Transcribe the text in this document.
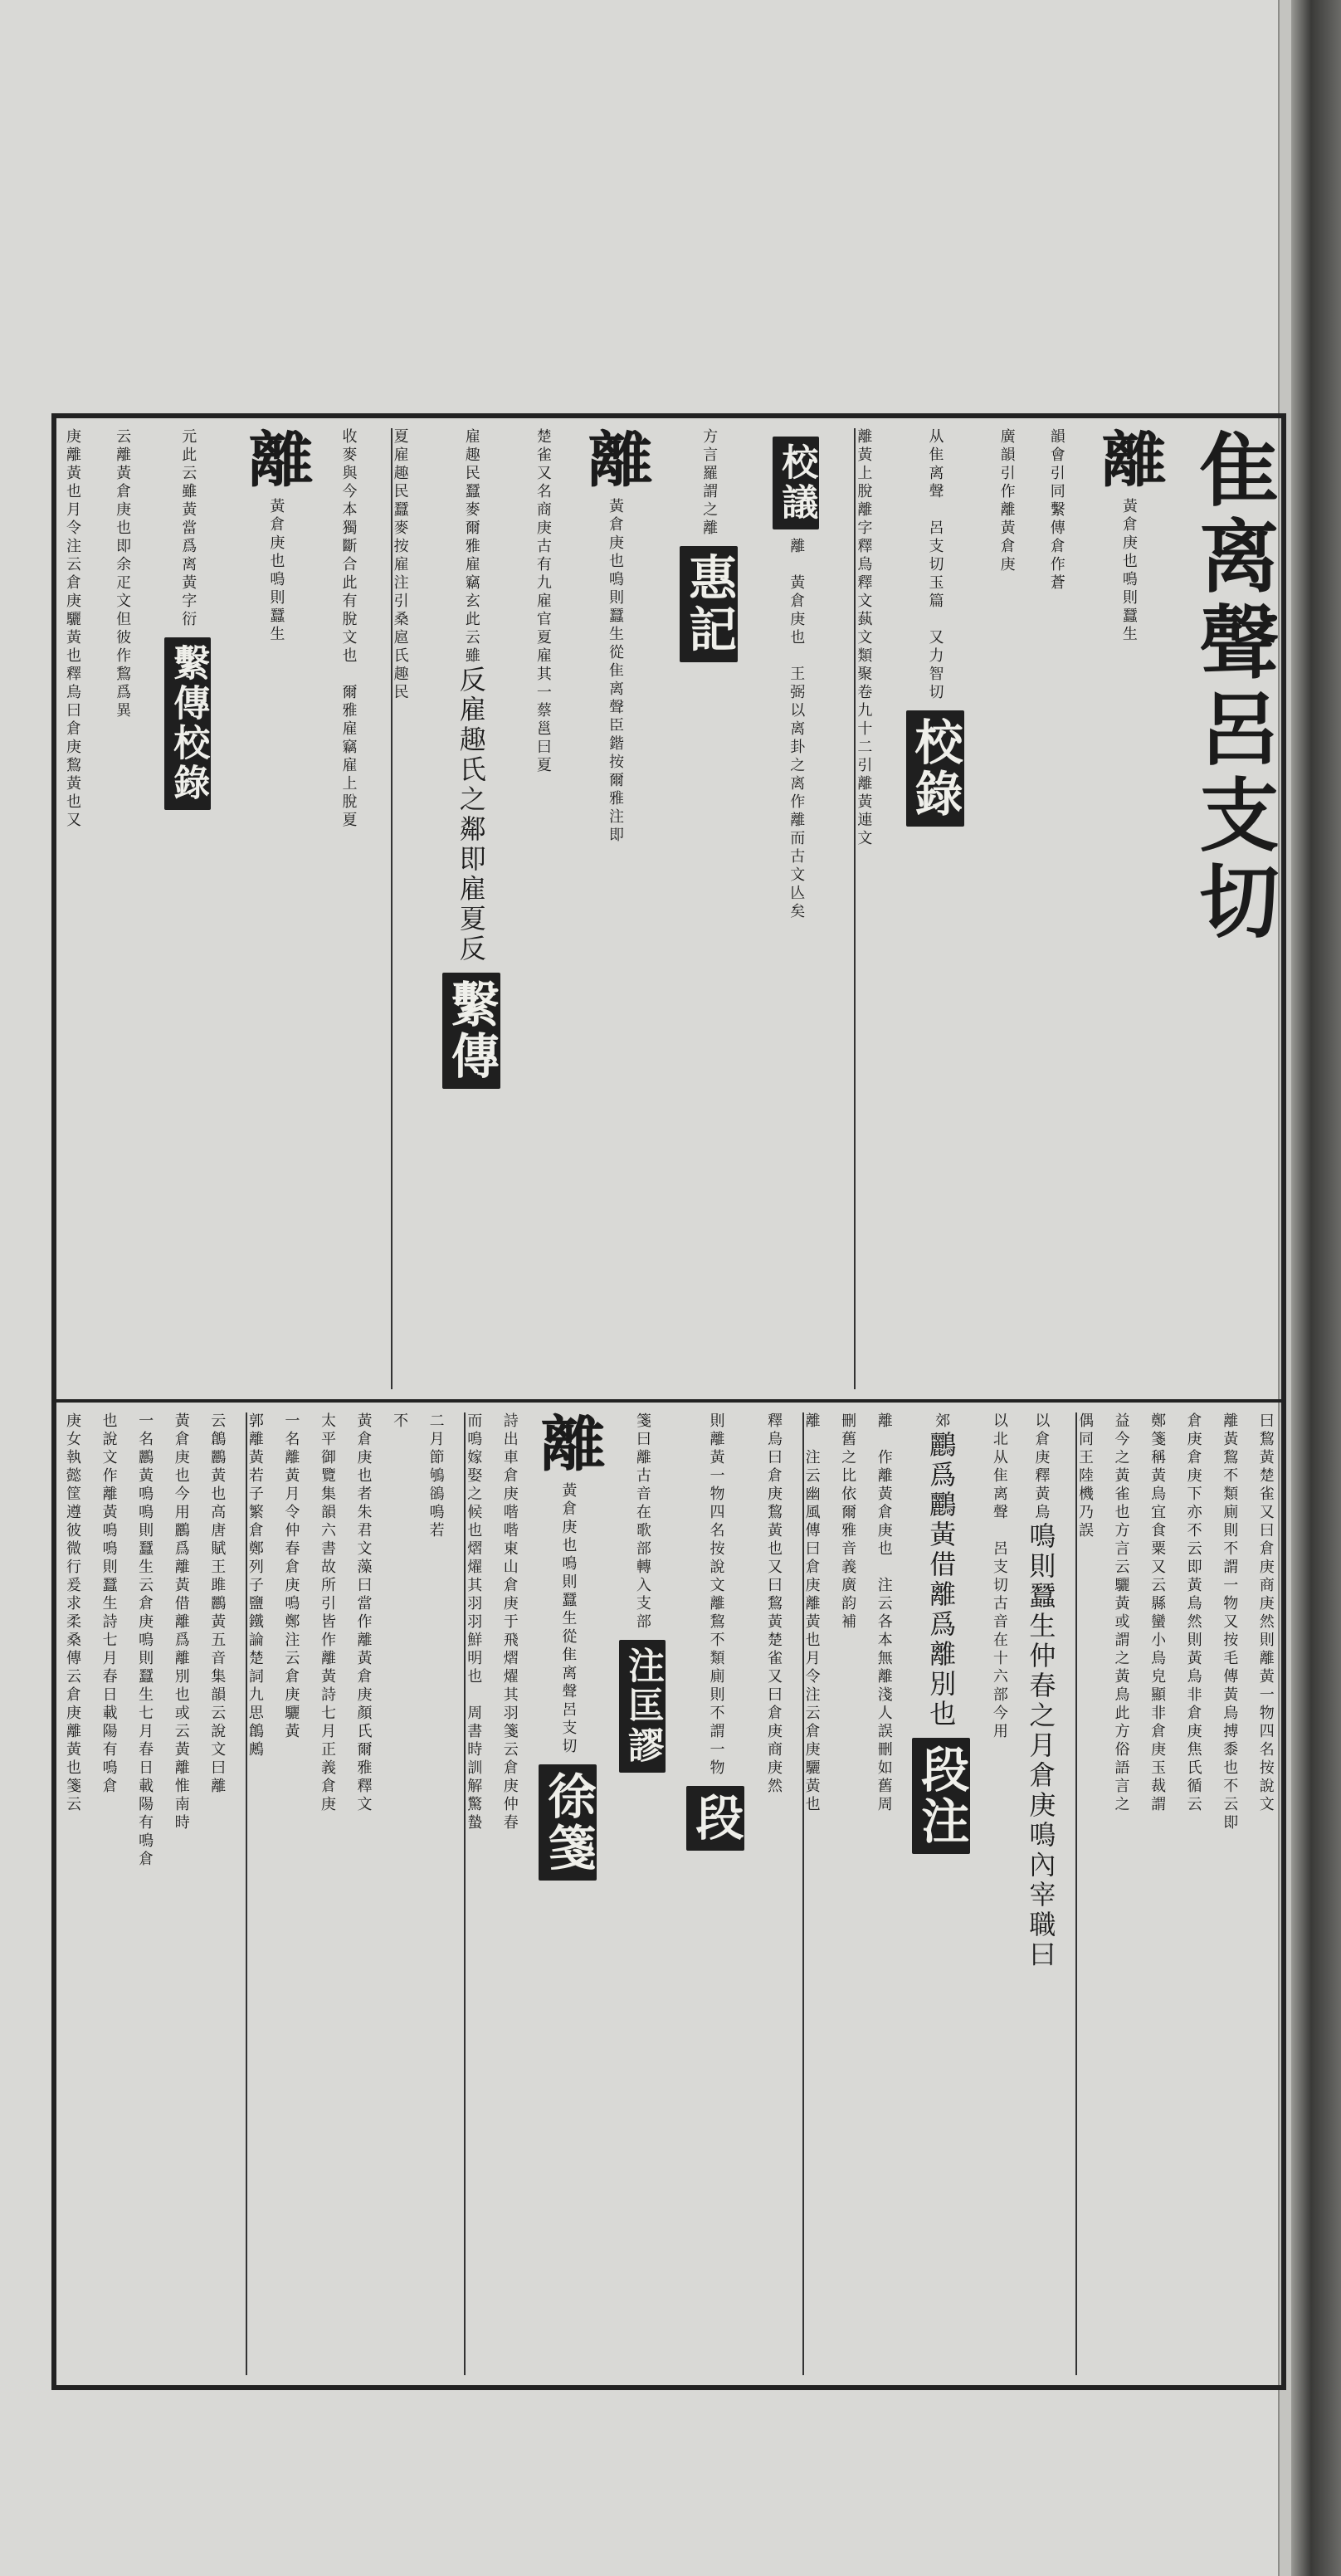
隹离聲呂支切
離黃倉庚也鳴則蠶生
韻會引同繫傳倉作蒼
廣韻引作離黃倉庚
从隹离聲　呂支切玉篇　又力智切校錄
離黃上脫離字釋鳥釋文蓺文類聚卷九十二引離黃連文
校議離　黃倉庚也　王弼以离卦之离作離而古文亾矣
方言羅謂之離惠記
離黃倉庚也鳴則蠶生從隹离聲臣鍇按爾雅注即
楚雀又名商庚古有九雇官夏雇其一蔡邕曰夏
雇趣民蠶麥爾雅雇竊玄此云雖反雇趣氏之鄰即雇夏反繫傳
夏雇趣民蠶麥按雇注引桑扈氏趣民
收麥與今本獨斷合此有脫文也　爾雅雇竊雇上脫夏
離黃倉庚也鳴則蠶生
元此云雖黃當爲离黃字衍繫傳校錄
云離黃倉庚也即余疋文但彼作鵹爲異
庚離黃也月令注云倉庚驪黃也釋鳥曰倉庚鵹黃也又
曰鵹黃楚雀又曰倉庚商庚然則離黃一物四名按說文
離黃鵹不類廁則不謂一物又按毛傳黃鳥搏黍也不云即
倉庚倉庚下亦不云即黃鳥然則黃鳥非倉庚焦氏循云
鄭箋稱黃鳥宜食粟又云縣蠻小鳥皃顯非倉庚玉裁謂
益今之黃雀也方言云驪黃或謂之黃鳥此方俗語言之
偶同王陸機乃誤
以倉庚釋黃鳥鳴則蠶生仲春之月倉庚鳴內宰職曰
以北从隹离聲　呂支切古音在十六部今用
郊鸝爲鸝黃借離爲離別也段注
離　作離黃倉庚也　注云各本無離淺人誤刪如舊周
刪舊之比依爾雅音義廣韵補
離　注云幽風傳曰倉庚離黃也月令注云倉庚驪黃也
釋鳥曰倉庚鵹黃也又曰鵹黃楚雀又曰倉庚商庚然
則離黃一物四名按說文離鵹不類廁則不謂一物段
箋曰離古音在歌部轉入支部注匡謬
離黃倉庚也鳴則蠶生從隹离聲呂支切徐箋
詩出車倉庚喈喈東山倉庚于飛熠燿其羽箋云倉庚仲春
而鳴嫁娶之候也熠燿其羽羽鮮明也　周書時訓解驚蟄
二月節鴝鵒鳴若
不
黃倉庚也者朱君文藻曰當作離黃倉庚顏氏爾雅釋文
太平御覽集韻六書故所引皆作離黃詩七月正義倉庚
一名離黃月令仲春倉庚鳴鄭注云倉庚驪黃
郭離黃若子繁倉鄭列子鹽鐵論楚詞九思鶬鶊
云鶬鸝黃也高唐賦王雎鸝黃五音集韻云說文曰離
黃倉庚也今用鸝爲離黃借離爲離別也或云黃離惟南時
一名鸝黃鳴鳴則蠶生云倉庚鳴則蠶生七月春日載陽有鳴倉
也說文作離黃鳴鳴則蠶生詩七月春日載陽有鳴倉
庚女執懿筐遵彼微行爰求柔桑傳云倉庚離黃也箋云
